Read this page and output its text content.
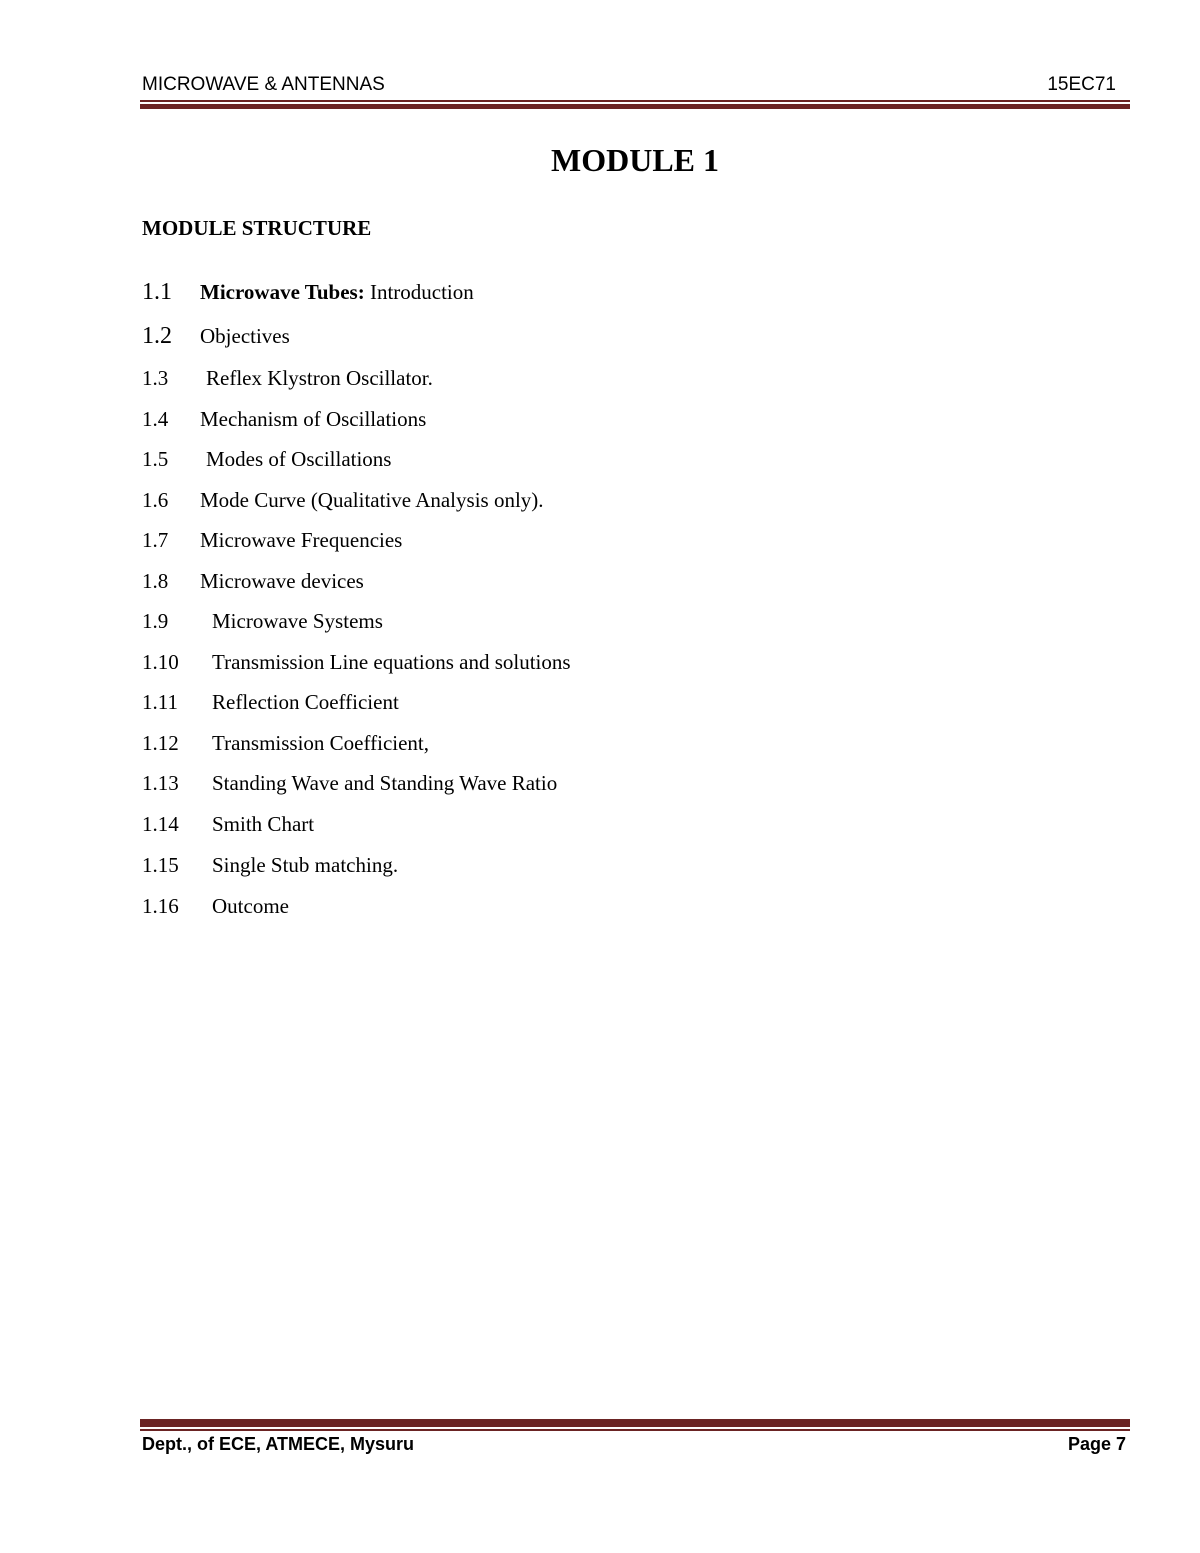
MICROWAVE & ANTENNAS	15EC71
MODULE 1
MODULE STRUCTURE
1.1 Microwave Tubes: Introduction
1.2 Objectives
1.3 Reflex Klystron Oscillator.
1.4 Mechanism of Oscillations
1.5 Modes of Oscillations
1.6 Mode Curve (Qualitative Analysis only).
1.7 Microwave Frequencies
1.8 Microwave devices
1.9 Microwave Systems
1.10 Transmission Line equations and solutions
1.11 Reflection Coefficient
1.12 Transmission Coefficient,
1.13 Standing Wave and Standing Wave Ratio
1.14 Smith Chart
1.15 Single Stub matching.
1.16 Outcome
Dept., of ECE, ATMECE, Mysuru	Page 7
